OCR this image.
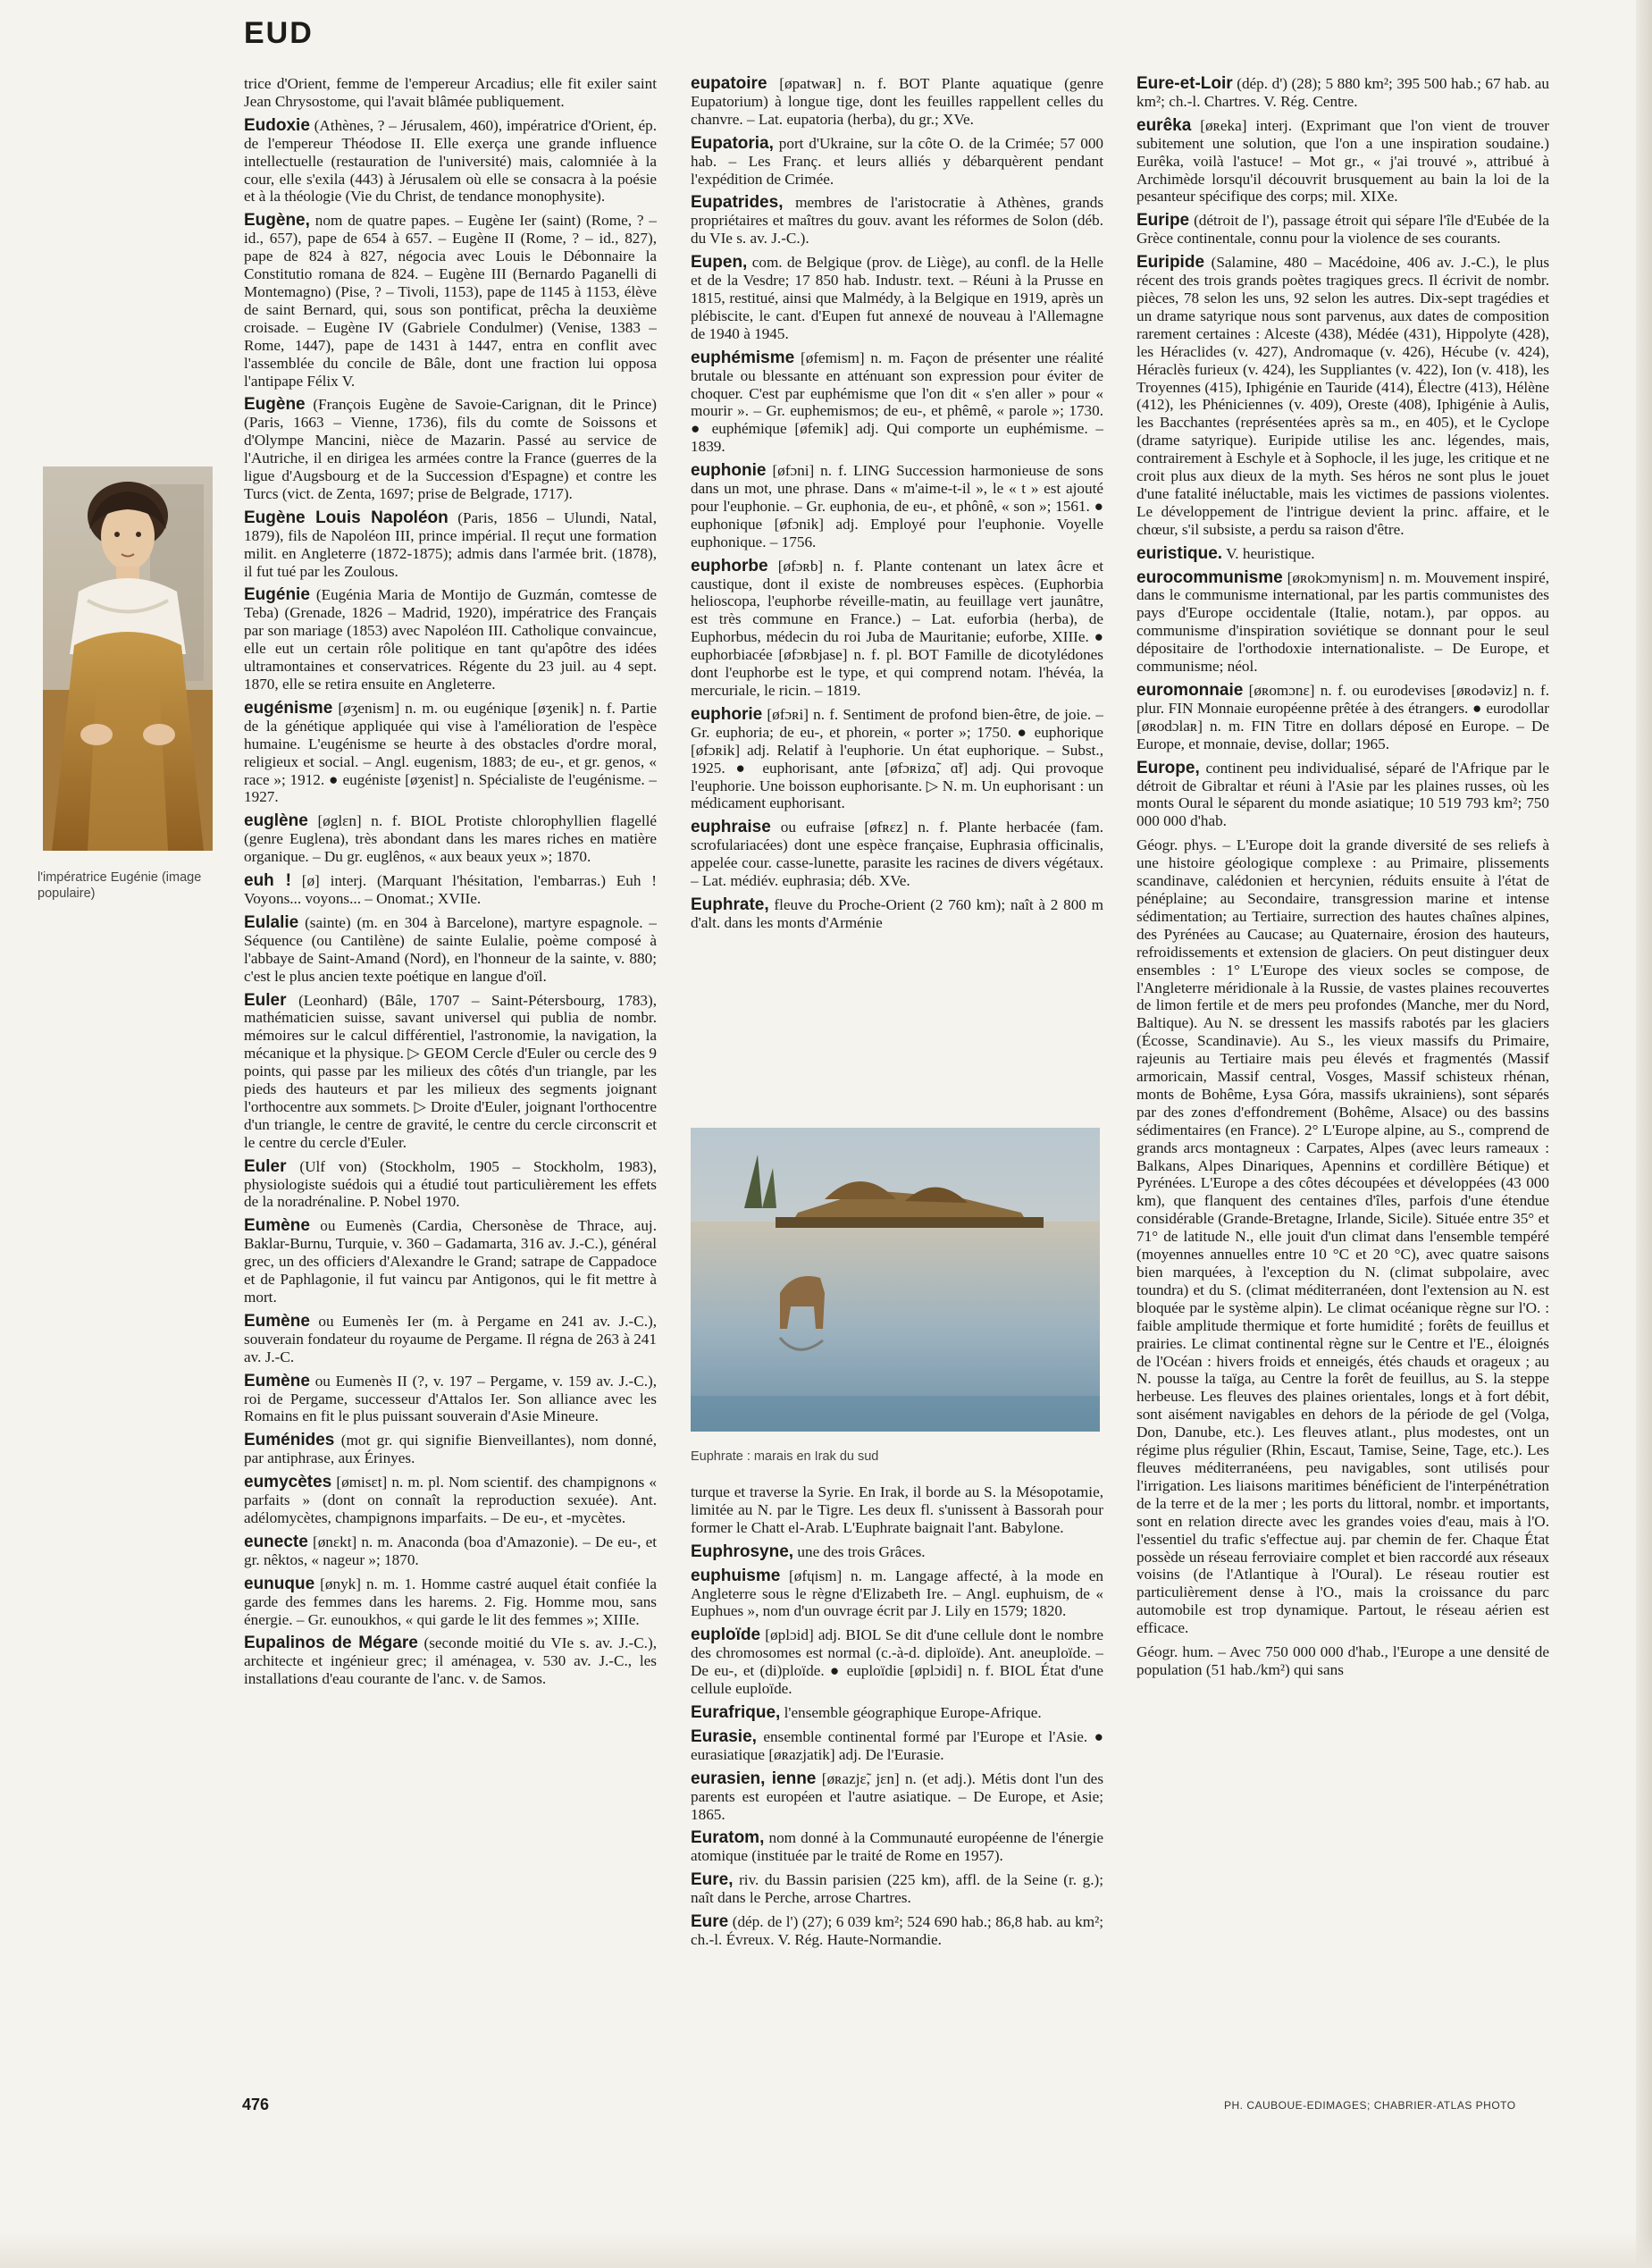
EUD
l'impératrice Eugénie (image populaire)
Euphrate : marais en Irak du sud

trice d'Orient, femme de l'empereur Arcadius; elle fit exiler saint Jean Chrysostome, qui l'avait blâmée publiquement.

Eudoxie (Athènes, ? – Jérusalem, 460), impératrice d'Orient, ép. de l'empereur Théodose II. Elle exerça une grande influence intellectuelle (restauration de l'université) mais, calomniée à la cour, elle s'exila (443) à Jérusalem où elle se consacra à la poésie et à la théologie (Vie du Christ, de tendance monophysite).

Eugène, nom de quatre papes. – Eugène Ier (saint) (Rome, ? – id., 657), pape de 654 à 657. – Eugène II (Rome, ? – id., 827), pape de 824 à 827, négocia avec Louis le Débonnaire la Constitutio romana de 824. – Eugène III (Bernardo Paganelli di Montemagno) (Pise, ? – Tivoli, 1153), pape de 1145 à 1153, élève de saint Bernard, qui, sous son pontificat, prêcha la deuxième croisade. – Eugène IV (Gabriele Condulmer) (Venise, 1383 – Rome, 1447), pape de 1431 à 1447, entra en conflit avec l'assemblée du concile de Bâle, dont une fraction lui opposa l'antipape Félix V.

Eugène (François Eugène de Savoie-Carignan, dit le Prince) (Paris, 1663 – Vienne, 1736), fils du comte de Soissons et d'Olympe Mancini, nièce de Mazarin. Passé au service de l'Autriche, il en dirigea les armées contre la France (guerres de la ligue d'Augsbourg et de la Succession d'Espagne) et contre les Turcs (vict. de Zenta, 1697; prise de Belgrade, 1717).

Eugène Louis Napoléon (Paris, 1856 – Ulundi, Natal, 1879), fils de Napoléon III, prince impérial. Il reçut une formation milit. en Angleterre (1872-1875); admis dans l'armée brit. (1878), il fut tué par les Zoulous.

Eugénie (Eugénia Maria de Montijo de Guzmán, comtesse de Teba) (Grenade, 1826 – Madrid, 1920), impératrice des Français par son mariage (1853) avec Napoléon III. Catholique convaincue, elle eut un certain rôle politique en tant qu'apôtre des idées ultramontaines et conservatrices. Régente du 23 juil. au 4 sept. 1870, elle se retira ensuite en Angleterre.

eugénisme [øʒenism] n. m. ou eugénique [øʒenik] n. f. Partie de la génétique appliquée qui vise à l'amélioration de l'espèce humaine. L'eugénisme se heurte à des obstacles d'ordre moral, religieux et social. – Angl. eugenism, 1883; de eu-, et gr. genos, « race »; 1912. ● eugéniste [øʒenist] n. Spécialiste de l'eugénisme. – 1927.

euglène [øglɛn] n. f. BIOL Protiste chlorophyllien flagellé (genre Euglena), très abondant dans les mares riches en matière organique. – Du gr. euglênos, « aux beaux yeux »; 1870.

euh ! [ø] interj. (Marquant l'hésitation, l'embarras.) Euh ! Voyons... voyons... – Onomat.; XVIIe.

Eulalie (sainte) (m. en 304 à Barcelone), martyre espagnole. – Séquence (ou Cantilène) de sainte Eulalie, poème composé à l'abbaye de Saint-Amand (Nord), en l'honneur de la sainte, v. 880; c'est le plus ancien texte poétique en langue d'oïl.

Euler (Leonhard) (Bâle, 1707 – Saint-Pétersbourg, 1783), mathématicien suisse, savant universel qui publia de nombr. mémoires sur le calcul différentiel, l'astronomie, la navigation, la mécanique et la physique. ▷ GEOM Cercle d'Euler ou cercle des 9 points, qui passe par les milieux des côtés d'un triangle, par les pieds des hauteurs et par les milieux des segments joignant l'orthocentre aux sommets. ▷ Droite d'Euler, joignant l'orthocentre d'un triangle, le centre de gravité, le centre du cercle circonscrit et le centre du cercle d'Euler.

Euler (Ulf von) (Stockholm, 1905 – Stockholm, 1983), physiologiste suédois qui a étudié tout particulièrement les effets de la noradrénaline. P. Nobel 1970.

Eumène ou Eumenès (Cardia, Chersonèse de Thrace, auj. Baklar-Burnu, Turquie, v. 360 – Gadamarta, 316 av. J.-C.), général grec, un des officiers d'Alexandre le Grand; satrape de Cappadoce et de Paphlagonie, il fut vaincu par Antigonos, qui le fit mettre à mort.

Eumène ou Eumenès Ier (m. à Pergame en 241 av. J.-C.), souverain fondateur du royaume de Pergame. Il régna de 263 à 241 av. J.-C.

Eumène ou Eumenès II (?, v. 197 – Pergame, v. 159 av. J.-C.), roi de Pergame, successeur d'Attalos Ier. Son alliance avec les Romains en fit le plus puissant souverain d'Asie Mineure.

Euménides (mot gr. qui signifie Bienveillantes), nom donné, par antiphrase, aux Érinyes.

eumycètes [ømisɛt] n. m. pl. Nom scientif. des champignons « parfaits » (dont on connaît la reproduction sexuée). Ant. adélomycètes, champignons imparfaits. – De eu-, et -mycètes.

eunecte [ønɛkt] n. m. Anaconda (boa d'Amazonie). – De eu-, et gr. nêktos, « nageur »; 1870.

eunuque [ønyk] n. m. 1. Homme castré auquel était confiée la garde des femmes dans les harems. 2. Fig. Homme mou, sans énergie. – Gr. eunoukhos, « qui garde le lit des femmes »; XIIIe.

Eupalinos de Mégare (seconde moitié du VIe s. av. J.-C.), architecte et ingénieur grec; il aménagea, v. 530 av. J.-C., les installations d'eau courante de l'anc. v. de Samos.

eupatoire [øpatwaʀ] n. f. BOT Plante aquatique (genre Eupatorium) à longue tige, dont les feuilles rappellent celles du chanvre. – Lat. eupatoria (herba), du gr.; XVe.

Eupatoria, port d'Ukraine, sur la côte O. de la Crimée; 57 000 hab. – Les Franç. et leurs alliés y débarquèrent pendant l'expédition de Crimée.

Eupatrides, membres de l'aristocratie à Athènes, grands propriétaires et maîtres du gouv. avant les réformes de Solon (déb. du VIe s. av. J.-C.).

Eupen, com. de Belgique (prov. de Liège), au confl. de la Helle et de la Vesdre; 17 850 hab. Industr. text. – Réuni à la Prusse en 1815, restitué, ainsi que Malmédy, à la Belgique en 1919, après un plébiscite, le cant. d'Eupen fut annexé de nouveau à l'Allemagne de 1940 à 1945.

euphémisme [øfemism] n. m. Façon de présenter une réalité brutale ou blessante en atténuant son expression pour éviter de choquer. C'est par euphémisme que l'on dit « s'en aller » pour « mourir ». – Gr. euphemismos; de eu-, et phêmê, « parole »; 1730. ● euphémique [øfemik] adj. Qui comporte un euphémisme. – 1839.

euphonie [øfɔni] n. f. LING Succession harmonieuse de sons dans un mot, une phrase. Dans « m'aime-t-il », le « t » est ajouté pour l'euphonie. – Gr. euphonia, de eu-, et phônê, « son »; 1561. ● euphonique [øfɔnik] adj. Employé pour l'euphonie. Voyelle euphonique. – 1756.

euphorbe [øfɔʀb] n. f. Plante contenant un latex âcre et caustique, dont il existe de nombreuses espèces. (Euphorbia helioscopa, l'euphorbe réveille-matin, au feuillage vert jaunâtre, est très commune en France.) – Lat. euforbia (herba), de Euphorbus, médecin du roi Juba de Mauritanie; euforbe, XIIIe. ● euphorbiacée [øfɔʀbjase] n. f. pl. BOT Famille de dicotylédones dont l'euphorbe est le type, et qui comprend notam. l'hévéa, la mercuriale, le ricin. – 1819.

euphorie [øfɔʀi] n. f. Sentiment de profond bien-être, de joie. – Gr. euphoria; de eu-, et phorein, « porter »; 1750. ● euphorique [øfɔʀik] adj. Relatif à l'euphorie. Un état euphorique. – Subst., 1925. ● euphorisant, ante [øfɔʀizɑ̃, ɑ̃t] adj. Qui provoque l'euphorie. Une boisson euphorisante. ▷ N. m. Un euphorisant : un médicament euphorisant.

euphraise ou eufraise [øfʀɛz] n. f. Plante herbacée (fam. scrofulariacées) dont une espèce française, Euphrasia officinalis, appelée cour. casse-lunette, parasite les racines de divers végétaux. – Lat. médiév. euphrasia; déb. XVe.

Euphrate, fleuve du Proche-Orient (2 760 km); naît à 2 800 m d'alt. dans les monts d'Arménie

turque et traverse la Syrie. En Irak, il borde au S. la Mésopotamie, limitée au N. par le Tigre. Les deux fl. s'unissent à Bassorah pour former le Chatt el-Arab. L'Euphrate baignait l'ant. Babylone.

Euphrosyne, une des trois Grâces.

euphuisme [øfɥism] n. m. Langage affecté, à la mode en Angleterre sous le règne d'Elizabeth Ire. – Angl. euphuism, de « Euphues », nom d'un ouvrage écrit par J. Lily en 1579; 1820.

euploïde [øplɔid] adj. BIOL Se dit d'une cellule dont le nombre des chromosomes est normal (c.-à-d. diploïde). Ant. aneuploïde. – De eu-, et (di)ploïde. ● euploïdie [øplɔidi] n. f. BIOL État d'une cellule euploïde.

Eurafrique, l'ensemble géographique Europe-Afrique.

Eurasie, ensemble continental formé par l'Europe et l'Asie. ● eurasiatique [øʀazjatik] adj. De l'Eurasie.

eurasien, ienne [øʀazjɛ̃, jɛn] n. (et adj.). Métis dont l'un des parents est européen et l'autre asiatique. – De Europe, et Asie; 1865.

Euratom, nom donné à la Communauté européenne de l'énergie atomique (instituée par le traité de Rome en 1957).

Eure, riv. du Bassin parisien (225 km), affl. de la Seine (r. g.); naît dans le Perche, arrose Chartres.

Eure (dép. de l') (27); 6 039 km²; 524 690 hab.; 86,8 hab. au km²; ch.-l. Évreux. V. Rég. Haute-Normandie.

Eure-et-Loir (dép. d') (28); 5 880 km²; 395 500 hab.; 67 hab. au km²; ch.-l. Chartres. V. Rég. Centre.

eurêka [øʀeka] interj. (Exprimant que l'on vient de trouver subitement une solution, que l'on a une inspiration soudaine.) Eurêka, voilà l'astuce! – Mot gr., « j'ai trouvé », attribué à Archimède lorsqu'il découvrit brusquement au bain la loi de la pesanteur spécifique des corps; mil. XIXe.

Euripe (détroit de l'), passage étroit qui sépare l'île d'Eubée de la Grèce continentale, connu pour la violence de ses courants.

Euripide (Salamine, 480 – Macédoine, 406 av. J.-C.), le plus récent des trois grands poètes tragiques grecs. Il écrivit de nombr. pièces, 78 selon les uns, 92 selon les autres. Dix-sept tragédies et un drame satyrique nous sont parvenus, aux dates de composition rarement certaines : Alceste (438), Médée (431), Hippolyte (428), les Héraclides (v. 427), Andromaque (v. 426), Hécube (v. 424), Héraclès furieux (v. 424), les Suppliantes (v. 422), Ion (v. 418), les Troyennes (415), Iphigénie en Tauride (414), Électre (413), Hélène (412), les Phéniciennes (v. 409), Oreste (408), Iphigénie à Aulis, les Bacchantes (représentées après sa m., en 405), et le Cyclope (drame satyrique). Euripide utilise les anc. légendes, mais, contrairement à Eschyle et à Sophocle, il les juge, les critique et ne croit plus aux dieux de la myth. Ses héros ne sont plus le jouet d'une fatalité inéluctable, mais les victimes de passions violentes. Le développement de l'intrigue devient la princ. affaire, et le chœur, s'il subsiste, a perdu sa raison d'être.

euristique. V. heuristique.

eurocommunisme [øʀokɔmynism] n. m. Mouvement inspiré, dans le communisme international, par les partis communistes des pays d'Europe occidentale (Italie, notam.), par oppos. au communisme d'inspiration soviétique se donnant pour le seul dépositaire de l'orthodoxie internationaliste. – De Europe, et communisme; néol.

euromonnaie [øʀomɔnɛ] n. f. ou eurodevises [øʀodəviz] n. f. plur. FIN Monnaie européenne prêtée à des étrangers. ● eurodollar [øʀodɔlaʀ] n. m. FIN Titre en dollars déposé en Europe. – De Europe, et monnaie, devise, dollar; 1965.

Europe, continent peu individualisé, séparé de l'Afrique par le détroit de Gibraltar et réuni à l'Asie par les plaines russes, où les monts Oural le séparent du monde asiatique; 10 519 793 km²; 750 000 000 d'hab.

Géogr. phys. – L'Europe doit la grande diversité de ses reliefs à une histoire géologique complexe : au Primaire, plissements scandinave, calédonien et hercynien, réduits ensuite à l'état de pénéplaine; au Secondaire, transgression marine et intense sédimentation; au Tertiaire, surrection des hautes chaînes alpines, des Pyrénées au Caucase; au Quaternaire, érosion des hauteurs, refroidissements et extension de glaciers. On peut distinguer deux ensembles : 1° L'Europe des vieux socles se compose, de l'Angleterre méridionale à la Russie, de vastes plaines recouvertes de limon fertile et de mers peu profondes (Manche, mer du Nord, Baltique). Au N. se dressent les massifs rabotés par les glaciers (Écosse, Scandinavie). Au S., les vieux massifs du Primaire, rajeunis au Tertiaire mais peu élevés et fragmentés (Massif armoricain, Massif central, Vosges, Massif schisteux rhénan, monts de Bohême, Łysa Góra, massifs ukrainiens), sont séparés par des zones d'effondrement (Bohême, Alsace) ou des bassins sédimentaires (en France). 2° L'Europe alpine, au S., comprend de grands arcs montagneux : Carpates, Alpes (avec leurs rameaux : Balkans, Alpes Dinariques, Apennins et cordillère Bétique) et Pyrénées. L'Europe a des côtes découpées et développées (43 000 km), que flanquent des centaines d'îles, parfois d'une étendue considérable (Grande-Bretagne, Irlande, Sicile). Située entre 35° et 71° de latitude N., elle jouit d'un climat dans l'ensemble tempéré (moyennes annuelles entre 10 °C et 20 °C), avec quatre saisons bien marquées, à l'exception du N. (climat subpolaire, avec toundra) et du S. (climat méditerranéen, dont l'extension au N. est bloquée par le système alpin). Le climat océanique règne sur l'O. : faible amplitude thermique et forte humidité ; forêts de feuillus et prairies. Le climat continental règne sur le Centre et l'E., éloignés de l'Océan : hivers froids et enneigés, étés chauds et orageux ; au N. pousse la taïga, au Centre la forêt de feuillus, au S. la steppe herbeuse. Les fleuves des plaines orientales, longs et à fort débit, sont aisément navigables en dehors de la période de gel (Volga, Don, Danube, etc.). Les fleuves atlant., plus modestes, ont un régime plus régulier (Rhin, Escaut, Tamise, Seine, Tage, etc.). Les fleuves méditerranéens, peu navigables, sont utilisés pour l'irrigation. Les liaisons maritimes bénéficient de l'interpénétration de la terre et de la mer ; les ports du littoral, nombr. et importants, sont en relation directe avec les grandes voies d'eau, mais à l'O. l'essentiel du trafic s'effectue auj. par chemin de fer. Chaque État possède un réseau ferroviaire complet et bien raccordé aux réseaux voisins (de l'Atlantique à l'Oural). Le réseau routier est particulièrement dense à l'O., mais la croissance du parc automobile est trop dynamique. Partout, le réseau aérien est efficace.

Géogr. hum. – Avec 750 000 000 d'hab., l'Europe a une densité de population (51 hab./km²) qui sans

476	PH. CAUBOUE-EDIMAGES; CHABRIER-ATLAS PHOTO
